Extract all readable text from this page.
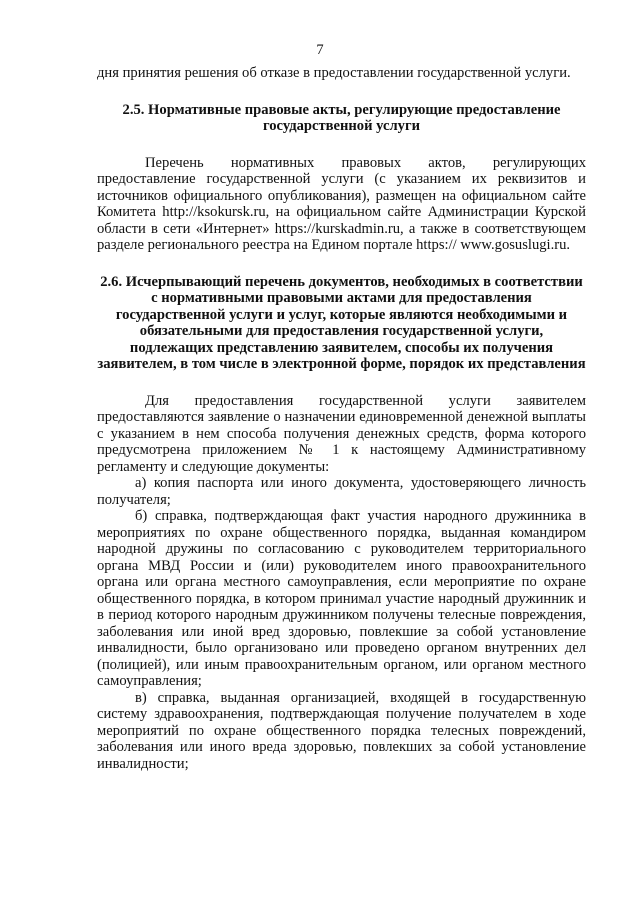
7

дня принятия решения об отказе в предоставлении государственной услуги.

2.5. Нормативные правовые акты, регулирующие предоставление государственной услуги

Перечень нормативных правовых актов, регулирующих предоставление государственной услуги (с указанием их реквизитов и источников официального опубликования), размещен на официальном сайте Комитета http://ksokursk.ru, на официальном сайте Администрации Курской области в сети «Интернет» https://kurskadmin.ru, а также в соответствующем разделе регионального реестра на Едином портале https:// www.gosuslugi.ru.

2.6. Исчерпывающий перечень документов, необходимых в соответствии с нормативными правовыми актами для предоставления государственной услуги и услуг, которые являются необходимыми и обязательными для предоставления государственной услуги, подлежащих представлению заявителем, способы их получения заявителем, в том числе в электронной форме, порядок их представления

Для предоставления государственной услуги заявителем предоставляются заявление о назначении единовременной денежной выплаты с указанием в нем способа получения денежных средств, форма которого предусмотрена приложением № 1 к настоящему Административному регламенту и следующие документы:

а) копия паспорта или иного документа, удостоверяющего личность получателя;

б) справка, подтверждающая факт участия народного дружинника в мероприятиях по охране общественного порядка, выданная командиром народной дружины по согласованию с руководителем территориального органа МВД России и (или) руководителем иного правоохранительного органа или органа местного самоуправления, если мероприятие по охране общественного порядка, в котором принимал участие народный дружинник и в период которого народным дружинником получены телесные повреждения, заболевания или иной вред здоровью, повлекшие за собой установление инвалидности, было организовано или проведено органом внутренних дел (полицией), или иным правоохранительным органом, или органом местного самоуправления;

в) справка, выданная организацией, входящей в государственную систему здравоохранения, подтверждающая получение получателем в ходе мероприятий по охране общественного порядка телесных повреждений, заболевания или иного вреда здоровью, повлекших за собой установление инвалидности;
